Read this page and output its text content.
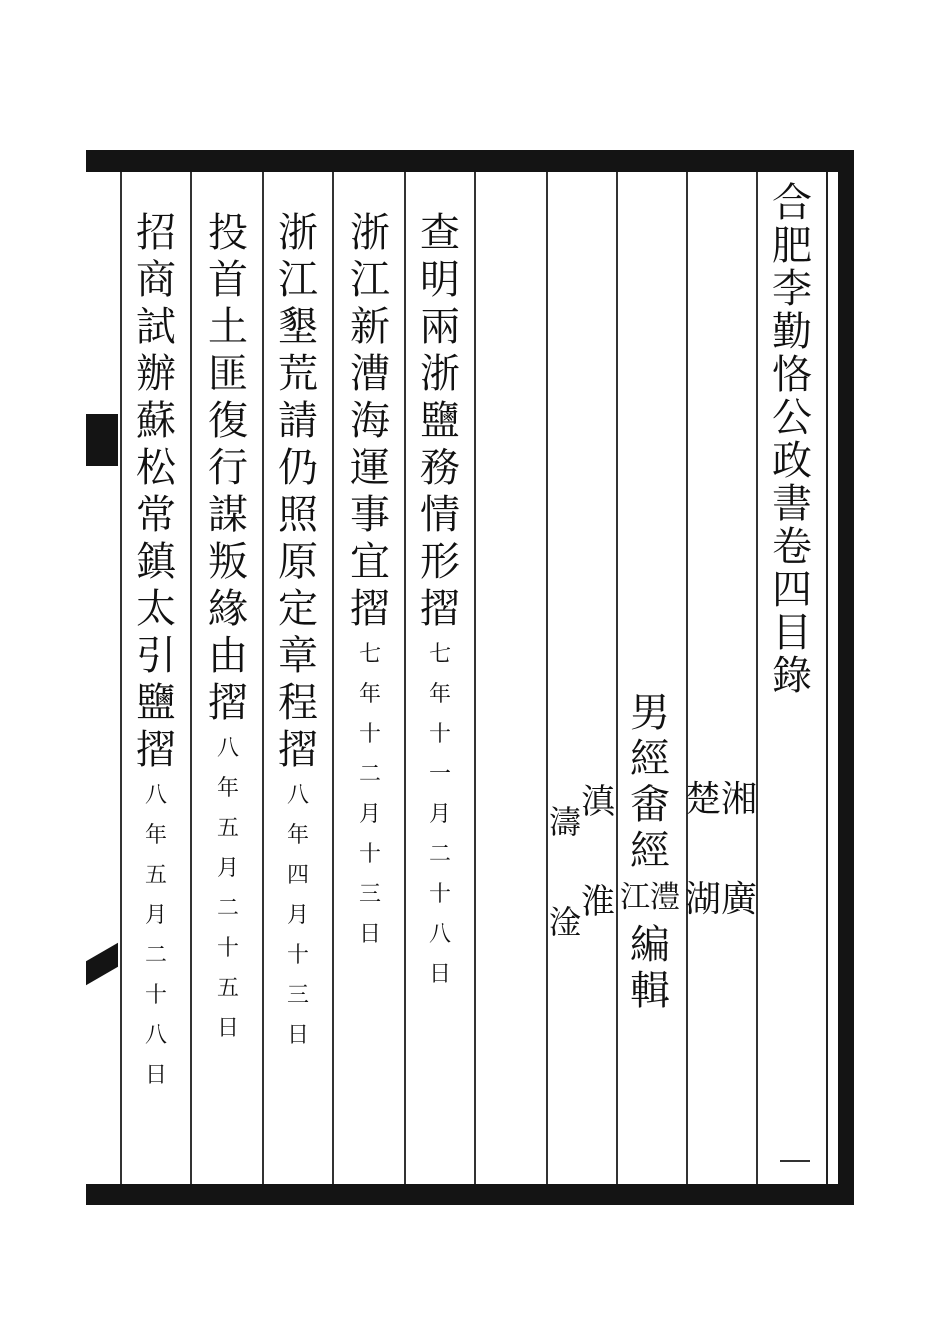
合
肥
李
勤
恪
公
政
書
卷
四
目
錄
湘
廣
楚
湖
男
經
畬
經
澧
江
編
輯
滇
淮
濤
淦
查
明
兩
浙
鹽
務
情
形
摺
七
年
十
一
月
二
十
八
日
浙
江
新
漕
海
運
事
宜
摺
七
年
十
二
月
十
三
日
浙
江
墾
荒
請
仍
照
原
定
章
程
摺
八
年
四
月
十
三
日
投
首
土
匪
復
行
謀
叛
緣
由
摺
八
年
五
月
二
十
五
日
招
商
試
辦
蘇
松
常
鎮
太
引
鹽
摺
八
年
五
月
二
十
八
日
